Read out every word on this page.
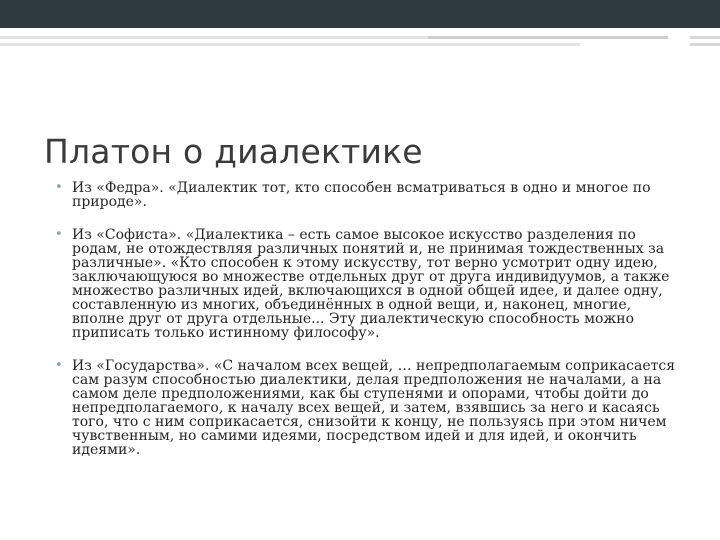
Платон о диалектике
• Из «Федра». «Диалектик тот, кто способен всматриваться в одно и многое по природе».
• Из «Софиста». «Диалектика – есть самое высокое искусство разделения по родам, не отождествляя различных понятий и, не принимая тождественных за различные». «Кто способен к этому искусству, тот верно усмотрит одну идею, заключающуюся во множестве отдельных друг от друга индивидуумов, а также множество различных идей, включающихся в одной общей идее, и далее одну, составленную из многих, объединённых в одной вещи, и, наконец, многие, вполне друг от друга отдельные... Эту диалектическую способность можно приписать только истинному философу».
• Из «Государства». «С началом всех вещей, … непредполагаемым соприкасается сам разум способностью диалектики, делая предположения не началами, а на самом деле предположениями, как бы ступенями и опорами, чтобы дойти до непредполагаемого, к началу всех вещей, и затем, взявшись за него и касаясь того, что с ним соприкасается, снизойти к концу, не пользуясь при этом ничем чувственным, но самими идеями, посредством идей и для идей, и окончить идеями».
